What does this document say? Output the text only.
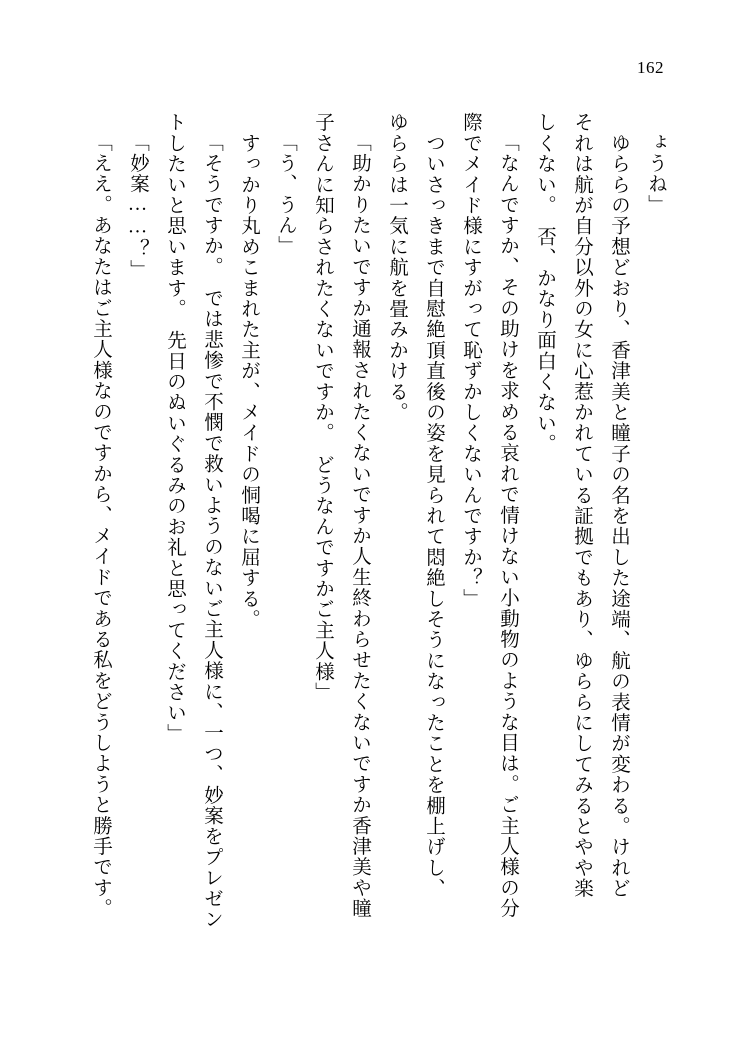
162
ょうね」
　ゆららの予想どおり、香津美と瞳子の名を出した途端、航の表情が変わる。けれど
それは航が自分以外の女に心惹かれている証拠でもあり、ゆららにしてみるとやや楽
しくない。　否、かなり面白くない。
「なんですか、その助けを求める哀れで情けない小動物のような目は。ご主人様の分
際でメイド様にすがって恥ずかしくないんですか？」
　ついさっきまで自慰絶頂直後の姿を見られて悶絶しそうになったことを棚上げし、
ゆららは一気に航を畳みかける。
「助かりたいですか通報されたくないですか人生終わらせたくないですか香津美や瞳
子さんに知らされたくないですか。　どうなんですかご主人様」
「う、うん」
　すっかり丸めこまれた主が、メイドの恫喝に屈する。
「そうですか。　では悲惨で不憫で救いようのないご主人様に、一つ、妙案をプレゼン
トしたいと思います。　先日のぬいぐるみのお礼と思ってください」
「妙案……？」
「ええ。あなたはご主人様なのですから、メイドである私をどうしようと勝手です。
